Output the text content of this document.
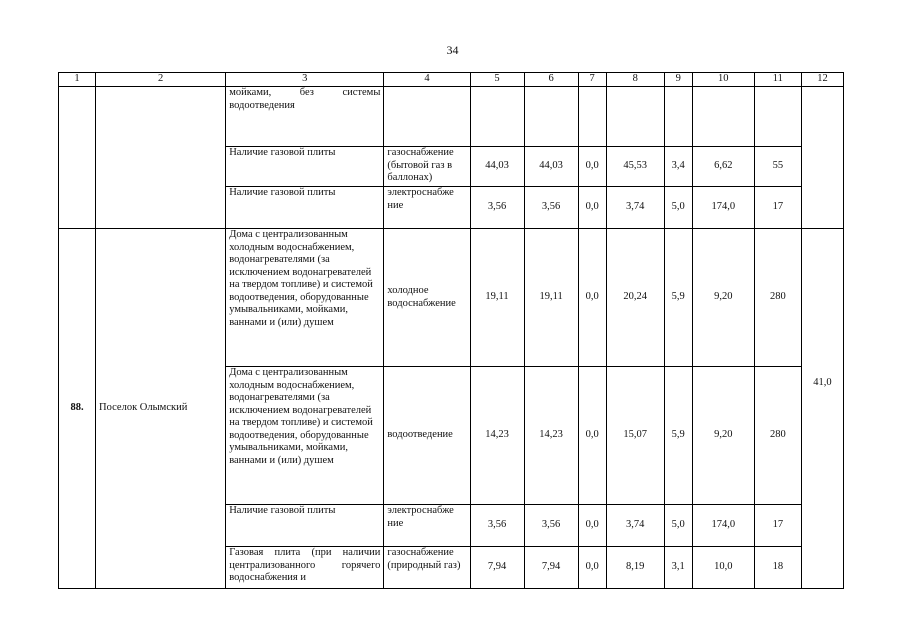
34
1	2	3	4	5	6	7	8	9	10	11	12
		мойками, без системы водоотведения									
		Наличие газовой плиты	газоснабжение (бытовой газ в баллонах)	44,03	44,03	0,0	45,53	3,4	6,62	55	
		Наличие газовой плиты	электроснабже ние	3,56	3,56	0,0	3,74	5,0	174,0	17	
88.	Поселок Олымский	Дома с централизованным холодным водоснабжением, водонагревателями (за исключением водонагревателей на твердом топливе) и системой водоотведения, оборудованные умывальниками, мойками, ваннами и (или) душем	холодное водоснабжение	19,11	19,11	0,0	20,24	5,9	9,20	280	41,0
		Дома с централизованным холодным водоснабжением, водонагревателями (за исключением водонагревателей на твердом топливе) и системой водоотведения, оборудованные умывальниками, мойками, ваннами и (или) душем	водоотведение	14,23	14,23	0,0	15,07	5,9	9,20	280	
		Наличие газовой плиты	электроснабже ние	3,56	3,56	0,0	3,74	5,0	174,0	17	
		Газовая плита (при наличии централизованного горячего водоснабжения и	газоснабжение (природный газ)	7,94	7,94	0,0	8,19	3,1	10,0	18	
